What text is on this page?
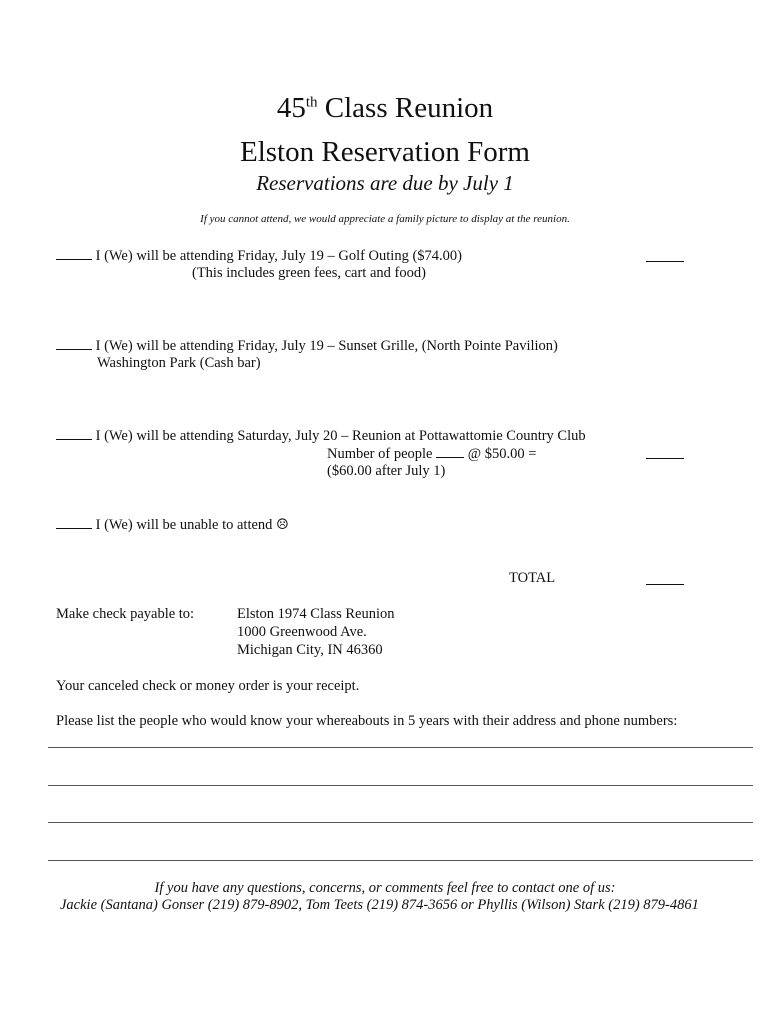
45th Class Reunion
Elston Reservation Form
Reservations are due by July 1
If you cannot attend, we would appreciate a family picture to display at the reunion.
I (We) will be attending Friday, July 19 – Golf Outing ($74.00)
(This includes green fees, cart and food)
I (We) will be attending Friday, July 19 – Sunset Grille, (North Pointe Pavilion)
Washington Park (Cash bar)
I (We) will be attending Saturday, July 20 – Reunion at Pottawattomie Country Club
Number of people @ $50.00 =
($60.00 after July 1)
I (We) will be unable to attend ☹
TOTAL
Make check payable to:	Elston 1974 Class Reunion
1000 Greenwood Ave.
Michigan City, IN 46360
Your canceled check or money order is your receipt.
Please list the people who would know your whereabouts in 5 years with their address and phone numbers:
If you have any questions, concerns, or comments feel free to contact one of us:
Jackie (Santana) Gonser (219) 879-8902, Tom Teets (219) 874-3656 or Phyllis (Wilson) Stark (219) 879-4861
